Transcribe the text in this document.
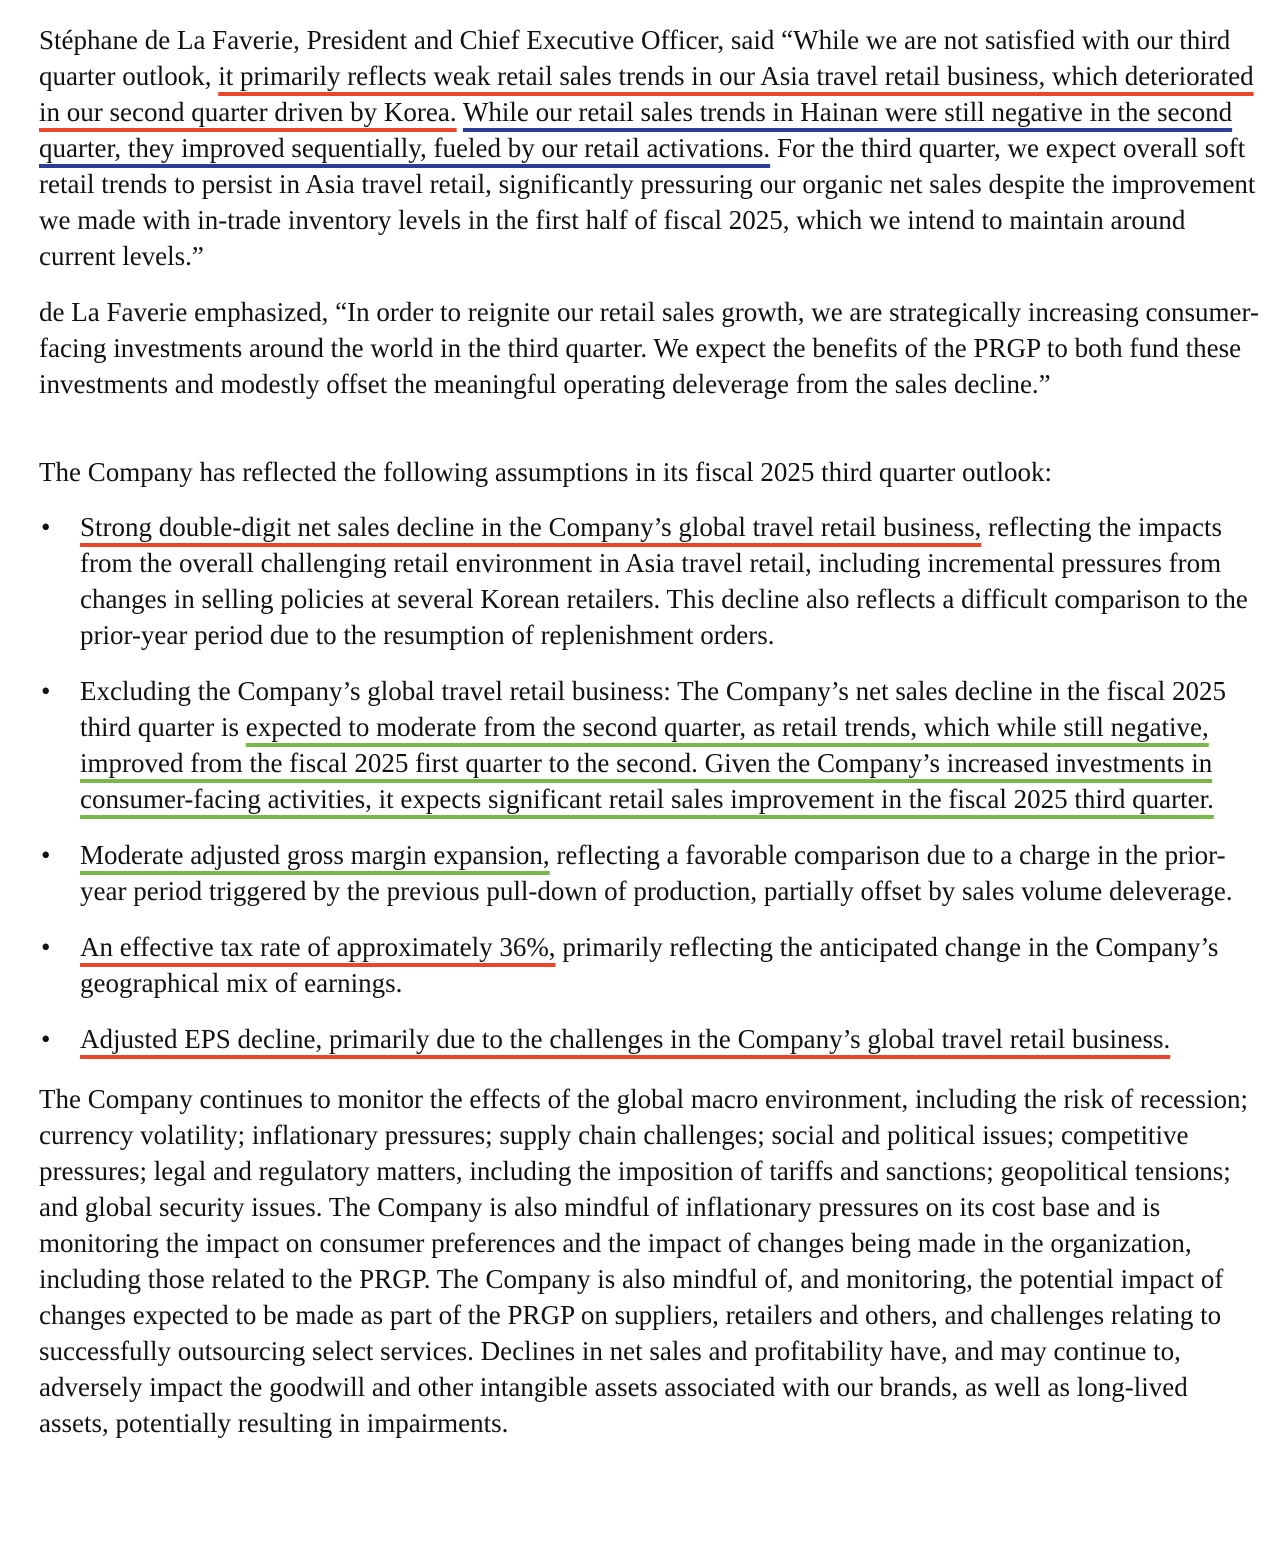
Stéphane de La Faverie, President and Chief Executive Officer, said “While we are not satisfied with our third quarter outlook, it primarily reflects weak retail sales trends in our Asia travel retail business, which deteriorated in our second quarter driven by Korea. While our retail sales trends in Hainan were still negative in the second quarter, they improved sequentially, fueled by our retail activations. For the third quarter, we expect overall soft retail trends to persist in Asia travel retail, significantly pressuring our organic net sales despite the improvement we made with in-trade inventory levels in the first half of fiscal 2025, which we intend to maintain around current levels.”

de La Faverie emphasized, “In order to reignite our retail sales growth, we are strategically increasing consumer-facing investments around the world in the third quarter. We expect the benefits of the PRGP to both fund these investments and modestly offset the meaningful operating deleverage from the sales decline.”

The Company has reflected the following assumptions in its fiscal 2025 third quarter outlook:

• Strong double-digit net sales decline in the Company’s global travel retail business, reflecting the impacts from the overall challenging retail environment in Asia travel retail, including incremental pressures from changes in selling policies at several Korean retailers. This decline also reflects a difficult comparison to the prior-year period due to the resumption of replenishment orders.
• Excluding the Company’s global travel retail business: The Company’s net sales decline in the fiscal 2025 third quarter is expected to moderate from the second quarter, as retail trends, which while still negative, improved from the fiscal 2025 first quarter to the second. Given the Company’s increased investments in consumer-facing activities, it expects significant retail sales improvement in the fiscal 2025 third quarter.
• Moderate adjusted gross margin expansion, reflecting a favorable comparison due to a charge in the prior-year period triggered by the previous pull-down of production, partially offset by sales volume deleverage.
• An effective tax rate of approximately 36%, primarily reflecting the anticipated change in the Company’s geographical mix of earnings.
• Adjusted EPS decline, primarily due to the challenges in the Company’s global travel retail business.

The Company continues to monitor the effects of the global macro environment, including the risk of recession; currency volatility; inflationary pressures; supply chain challenges; social and political issues; competitive pressures; legal and regulatory matters, including the imposition of tariffs and sanctions; geopolitical tensions; and global security issues. The Company is also mindful of inflationary pressures on its cost base and is monitoring the impact on consumer preferences and the impact of changes being made in the organization, including those related to the PRGP. The Company is also mindful of, and monitoring, the potential impact of changes expected to be made as part of the PRGP on suppliers, retailers and others, and challenges relating to successfully outsourcing select services. Declines in net sales and profitability have, and may continue to, adversely impact the goodwill and other intangible assets associated with our brands, as well as long-lived assets, potentially resulting in impairments.
